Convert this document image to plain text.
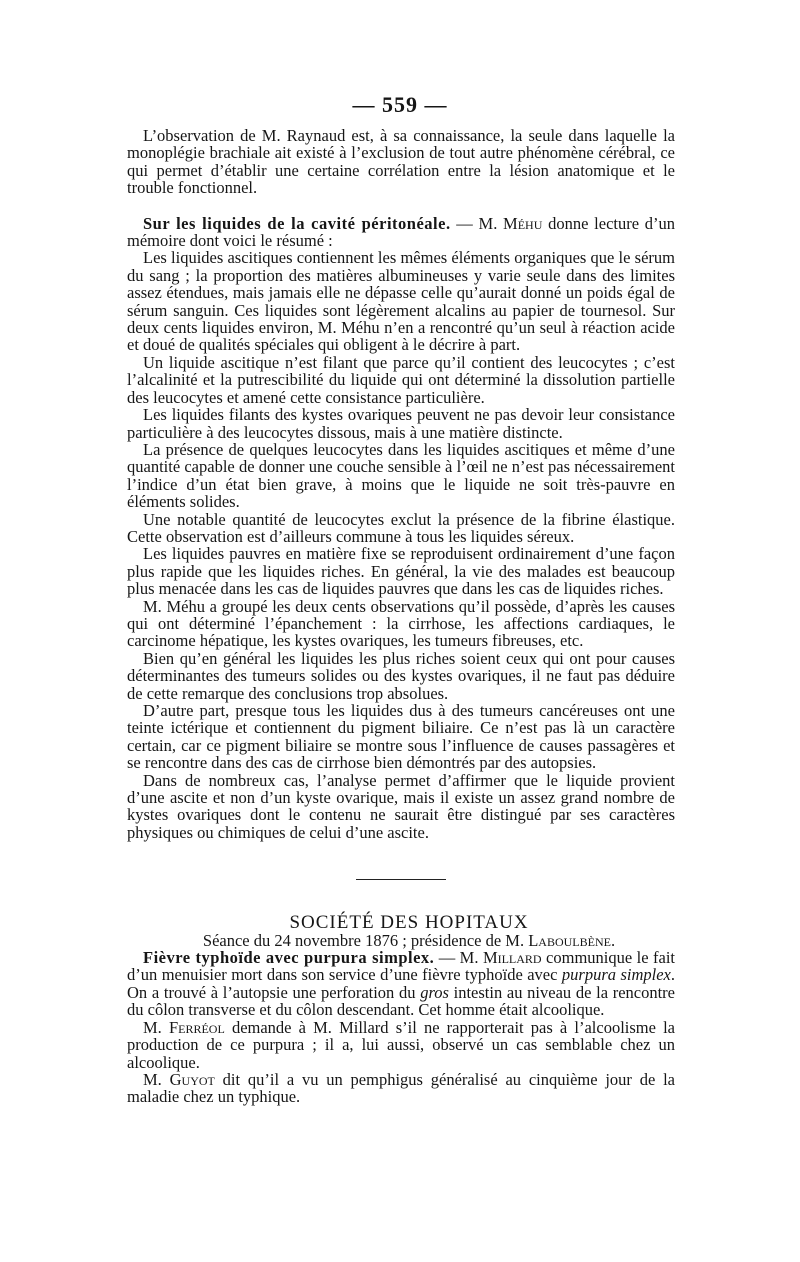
— 559 —

L’observation de M. Raynaud est, à sa connaissance, la seule dans laquelle la monoplégie brachiale ait existé à l’exclusion de tout autre phénomène cérébral, ce qui permet d’établir une certaine corrélation entre la lésion anatomique et le trouble fonctionnel.

Sur les liquides de la cavité péritonéale. — M. Méhu donne lecture d’un mémoire dont voici le résumé :

Les liquides ascitiques contiennent les mêmes éléments organiques que le sérum du sang ; la proportion des matières albumineuses y varie seule dans des limites assez étendues, mais jamais elle ne dépasse celle qu’aurait donné un poids égal de sérum sanguin. Ces liquides sont légèrement alcalins au papier de tournesol. Sur deux cents liquides environ, M. Méhu n’en a rencontré qu’un seul à réaction acide et doué de qualités spéciales qui obligent à le décrire à part.

Un liquide ascitique n’est filant que parce qu’il contient des leucocytes ; c’est l’alcalinité et la putrescibilité du liquide qui ont déterminé la dissolution partielle des leucocytes et amené cette consistance particulière.

Les liquides filants des kystes ovariques peuvent ne pas devoir leur consistance particulière à des leucocytes dissous, mais à une matière distincte.

La présence de quelques leucocytes dans les liquides ascitiques et même d’une quantité capable de donner une couche sensible à l’œil ne n’est pas nécessairement l’indice d’un état bien grave, à moins que le liquide ne soit très-pauvre en éléments solides.

Une notable quantité de leucocytes exclut la présence de la fibrine élastique. Cette observation est d’ailleurs commune à tous les liquides séreux.

Les liquides pauvres en matière fixe se reproduisent ordinairement d’une façon plus rapide que les liquides riches. En général, la vie des malades est beaucoup plus menacée dans les cas de liquides pauvres que dans les cas de liquides riches.

M. Méhu a groupé les deux cents observations qu’il possède, d’après les causes qui ont déterminé l’épanchement : la cirrhose, les affections cardiaques, le carcinome hépatique, les kystes ovariques, les tumeurs fibreuses, etc.

Bien qu’en général les liquides les plus riches soient ceux qui ont pour causes déterminantes des tumeurs solides ou des kystes ovariques, il ne faut pas déduire de cette remarque des conclusions trop absolues.

D’autre part, presque tous les liquides dus à des tumeurs cancéreuses ont une teinte ictérique et contiennent du pigment biliaire. Ce n’est pas là un caractère certain, car ce pigment biliaire se montre sous l’influence de causes passagères et se rencontre dans des cas de cirrhose bien démontrés par des autopsies.

Dans de nombreux cas, l’analyse permet d’affirmer que le liquide provient d’une ascite et non d’un kyste ovarique, mais il existe un assez grand nombre de kystes ovariques dont le contenu ne saurait être distingué par ses caractères physiques ou chimiques de celui d’une ascite.

SOCIÉTÉ DES HOPITAUX

Séance du 24 novembre 1876 ; présidence de M. Laboulbène.

Fièvre typhoïde avec purpura simplex. — M. Millard communique le fait d’un menuisier mort dans son service d’une fièvre typhoïde avec purpura simplex. On a trouvé à l’autopsie une perforation du gros intestin au niveau de la rencontre du côlon transverse et du côlon descendant. Cet homme était alcoolique.

M. Ferréol demande à M. Millard s’il ne rapporterait pas à l’alcoolisme la production de ce purpura ; il a, lui aussi, observé un cas semblable chez un alcoolique.

M. Guyot dit qu’il a vu un pemphigus généralisé au cinquième jour de la maladie chez un typhique.
